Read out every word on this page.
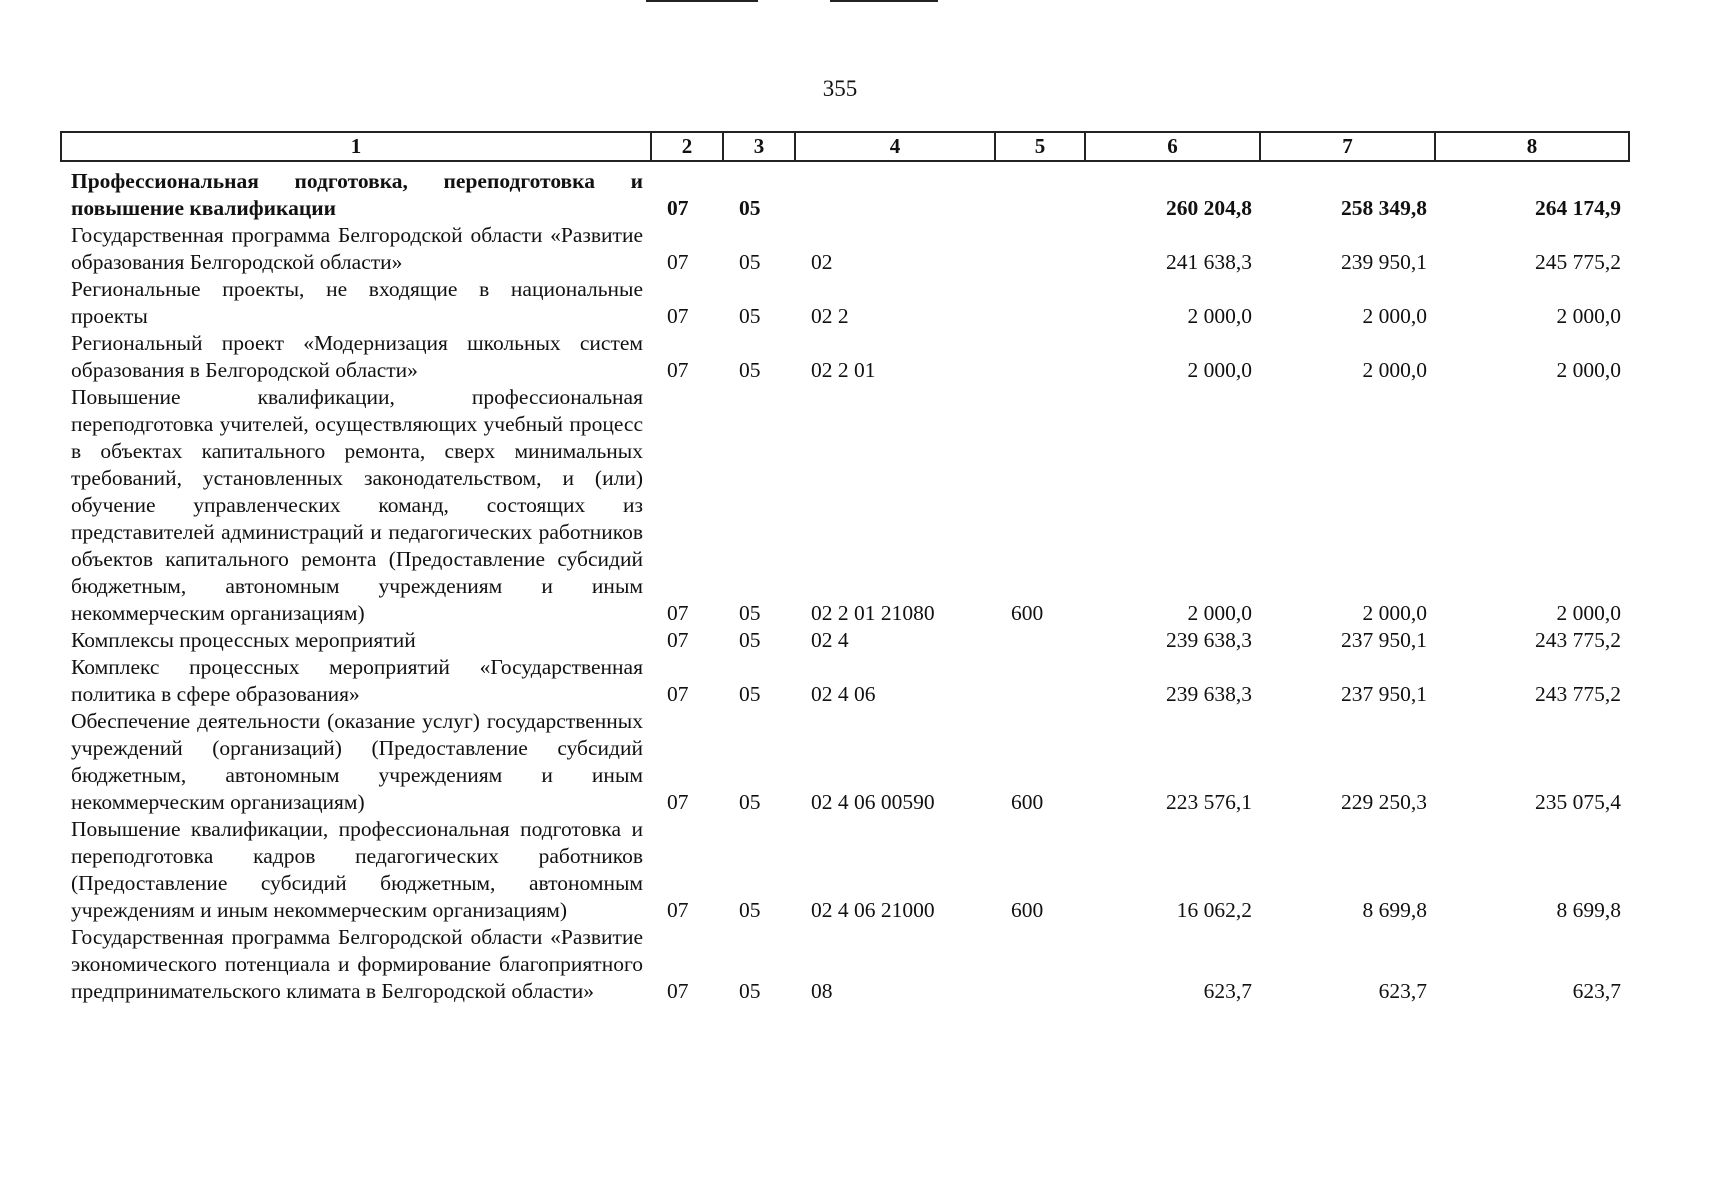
355
1	2	3	4	5	6	7	8
Профессиональная подготовка, переподготовка и повышение квалификации	07	05			260 204,8	258 349,8	264 174,9
Государственная программа Белгородской области «Развитие образования Белгородской области»	07	05	02		241 638,3	239 950,1	245 775,2
Региональные проекты, не входящие в национальные проекты	07	05	02 2		2 000,0	2 000,0	2 000,0
Региональный проект «Модернизация школьных систем образования в Белгородской области»	07	05	02 2 01		2 000,0	2 000,0	2 000,0
Повышение квалификации, профессиональная переподготовка учителей, осуществляющих учебный процесс в объектах капитального ремонта, сверх минимальных требований, установленных законодательством, и (или) обучение управленческих команд, состоящих из представителей администраций и педагогических работников объектов капитального ремонта (Предоставление субсидий бюджетным, автономным учреждениям и иным некоммерческим организациям)	07	05	02 2 01 21080	600	2 000,0	2 000,0	2 000,0
Комплексы процессных мероприятий	07	05	02 4		239 638,3	237 950,1	243 775,2
Комплекс процессных мероприятий «Государственная политика в сфере образования»	07	05	02 4 06		239 638,3	237 950,1	243 775,2
Обеспечение деятельности (оказание услуг) государственных учреждений (организаций) (Предоставление субсидий бюджетным, автономным учреждениям и иным некоммерческим организациям)	07	05	02 4 06 00590	600	223 576,1	229 250,3	235 075,4
Повышение квалификации, профессиональная подготовка и переподготовка кадров педагогических работников (Предоставление субсидий бюджетным, автономным учреждениям и иным некоммерческим организациям)	07	05	02 4 06 21000	600	16 062,2	8 699,8	8 699,8
Государственная программа Белгородской области «Развитие экономического потенциала и формирование благоприятного предпринимательского климата в Белгородской области»	07	05	08		623,7	623,7	623,7
